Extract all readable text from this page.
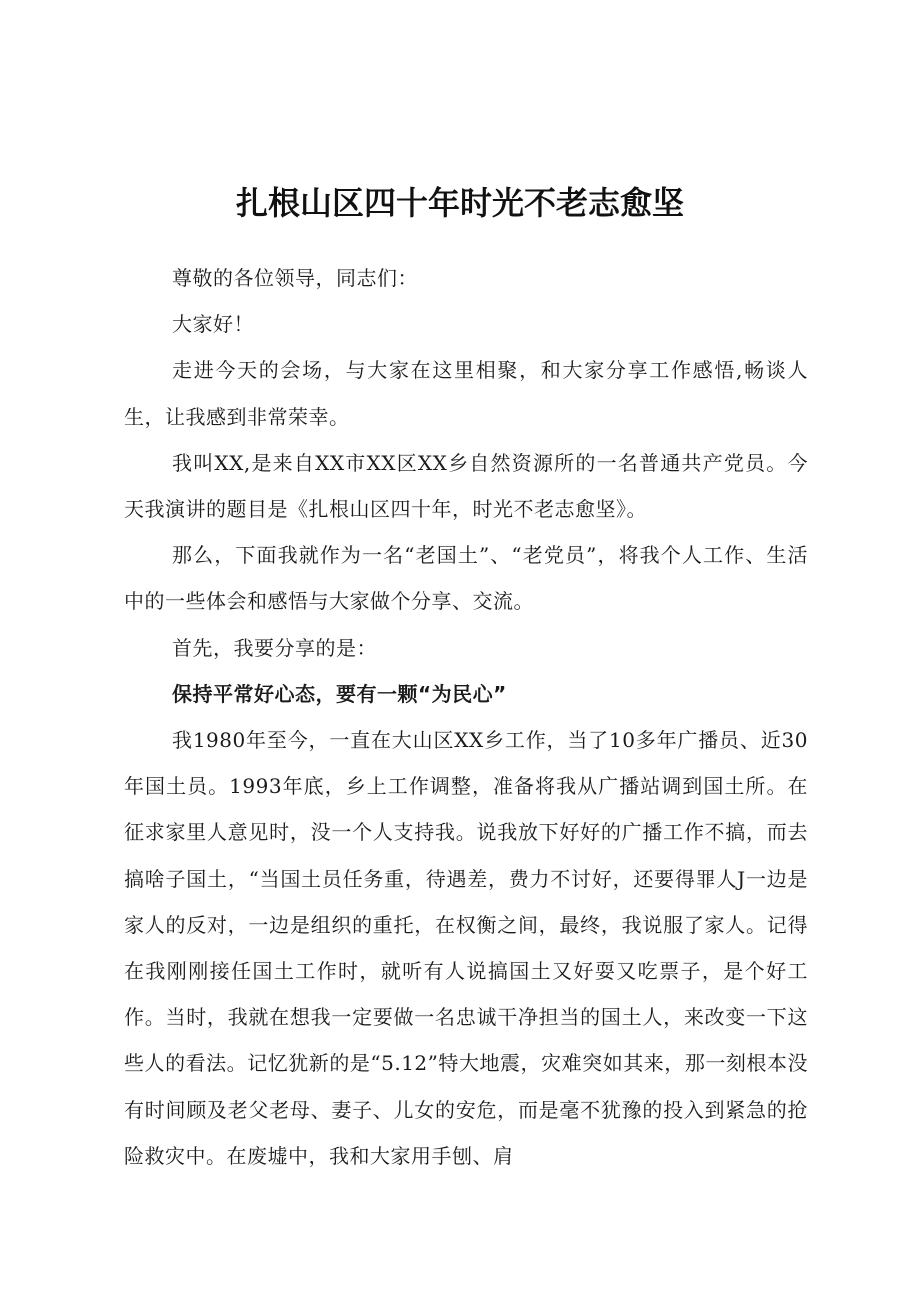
扎根山区四十年时光不老志愈坚

尊敬的各位领导，同志们：

大家好！

走进今天的会场，与大家在这里相聚，和大家分享工作感悟,畅谈人生，让我感到非常荣幸。

我叫XX,是来自XX市XX区XX乡自然资源所的一名普通共产党员。今天我演讲的题目是《扎根山区四十年，时光不老志愈坚》。

那么，下面我就作为一名“老国土”、“老党员”，将我个人工作、生活中的一些体会和感悟与大家做个分享、交流。

首先，我要分享的是：

保持平常好心态，要有一颗“为民心”

我1980年至今，一直在大山区XX乡工作，当了10多年广播员、近30年国土员。1993年底，乡上工作调整，准备将我从广播站调到国土所。在征求家里人意见时，没一个人支持我。说我放下好好的广播工作不搞，而去搞啥子国土，“当国土员任务重，待遇差，费力不讨好，还要得罪人J一边是家人的反对，一边是组织的重托，在权衡之间，最终，我说服了家人。记得在我刚刚接任国土工作时，就听有人说搞国土又好耍又吃票子，是个好工作。当时，我就在想我一定要做一名忠诚干净担当的国土人，来改变一下这些人的看法。记忆犹新的是“5.12”特大地震，灾难突如其来，那一刻根本没有时间顾及老父老母、妻子、儿女的安危，而是毫不犹豫的投入到紧急的抢险救灾中。在废墟中，我和大家用手刨、肩
